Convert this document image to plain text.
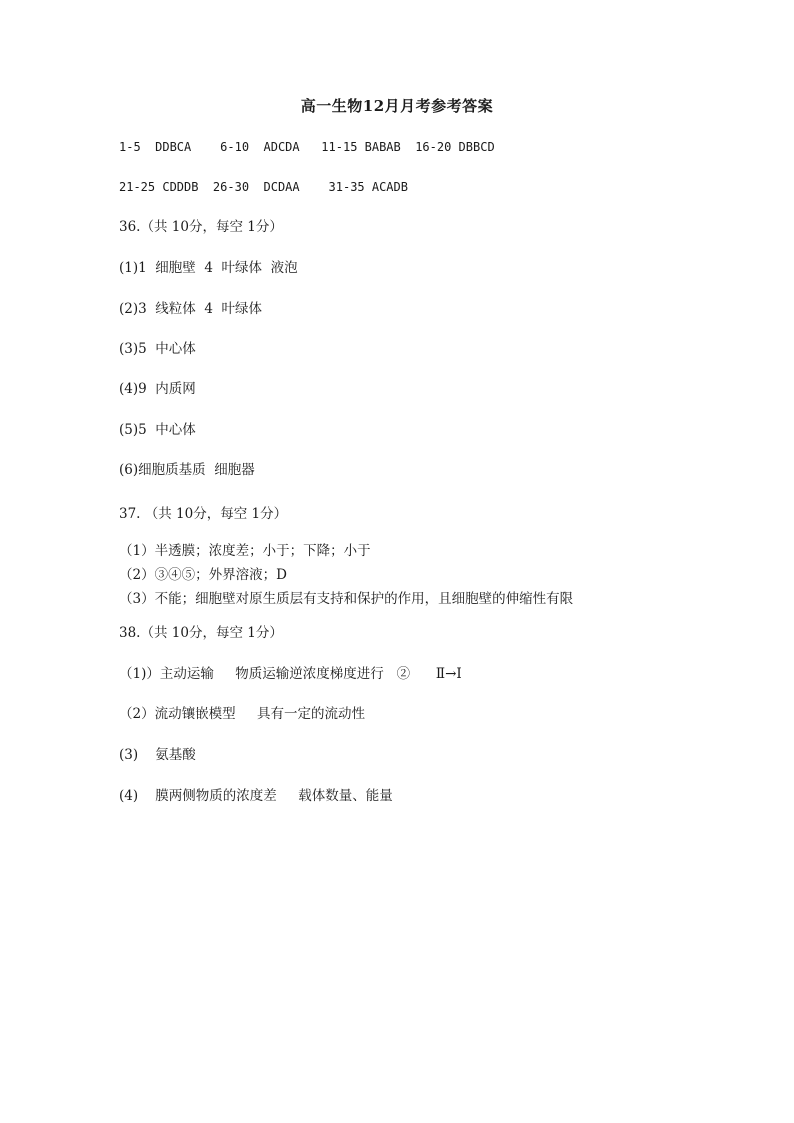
高一生物12月月考参考答案
1-5  DDBCA    6-10  ADCDA   11-15 BABAB  16-20 DBBCD
21-25 CDDDB  26-30  DCDAA    31-35 ACADB
36.（共 10分，每空 1分）
(1)1  细胞壁  4  叶绿体  液泡
(2)3  线粒体  4  叶绿体
(3)5  中心体
(4)9  内质网
(5)5  中心体
(6)细胞质基质  细胞器
37. （共 10分，每空 1分）
（1）半透膜；浓度差；小于；下降；小于
（2）③④⑤；外界溶液；D
（3）不能；细胞壁对原生质层有支持和保护的作用，且细胞壁的伸缩性有限
38.（共 10分，每空 1分）
（1)）主动运输     物质运输逆浓度梯度进行   ②      Ⅱ→Ⅰ
（2）流动镶嵌模型     具有一定的流动性
(3)    氨基酸
(4)    膜两侧物质的浓度差     载体数量、能量
